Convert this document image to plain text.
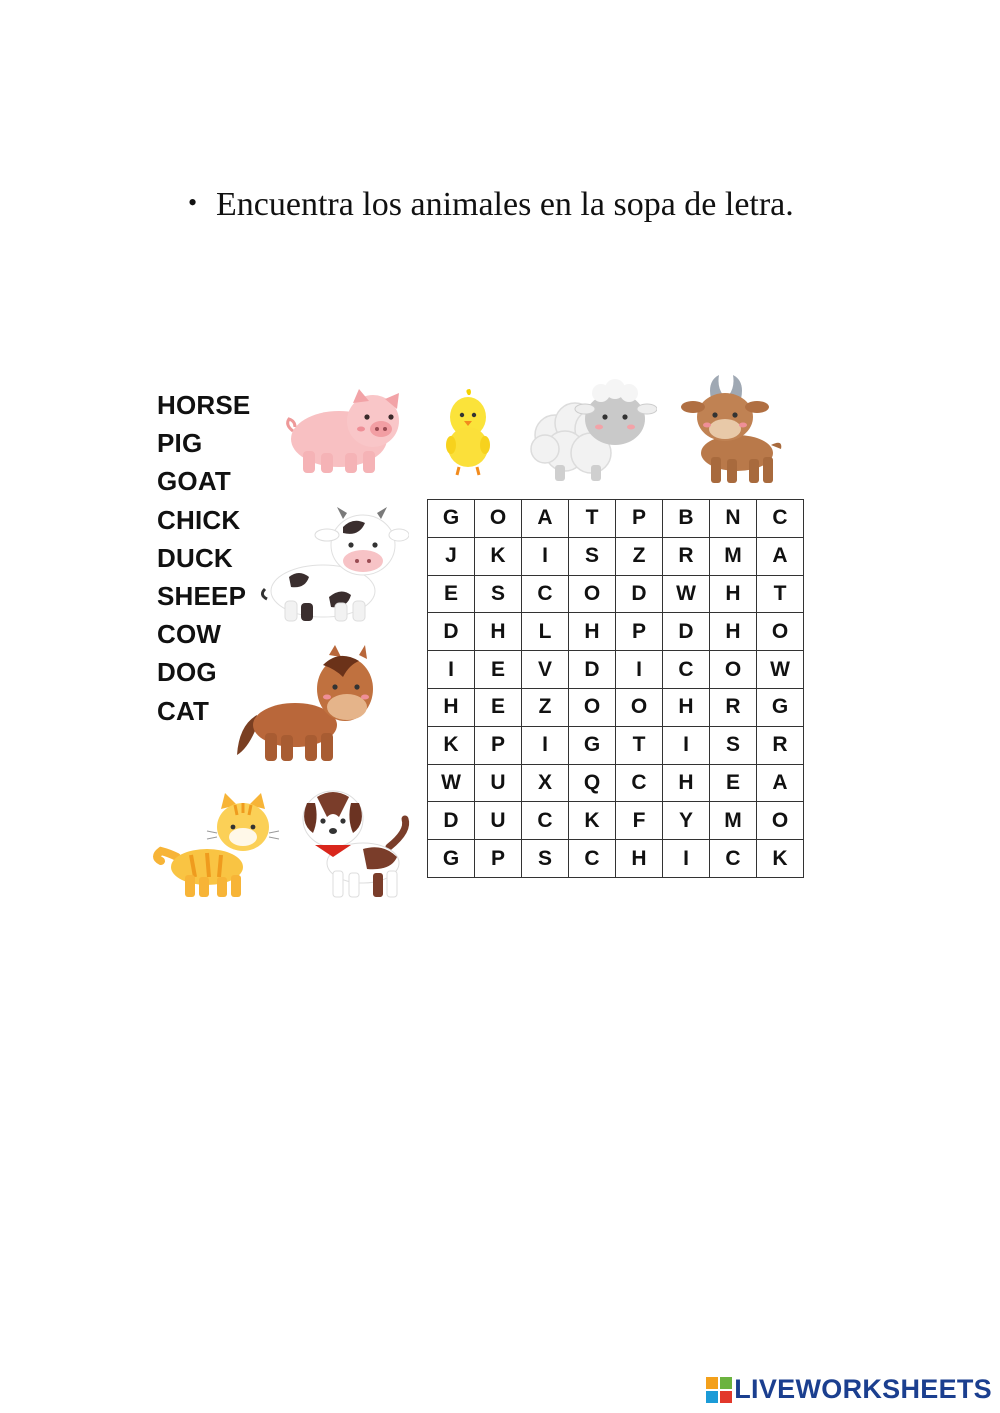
• Encuentra los animales en la sopa de letra.
HORSE
PIG
GOAT
CHICK
DUCK
SHEEP
COW
DOG
CAT
G	O	A	T	P	B	N	C
J	K	I	S	Z	R	M	A
E	S	C	O	D	W	H	T
D	H	L	H	P	D	H	O
I	E	V	D	I	C	O	W
H	E	Z	O	O	H	R	G
K	P	I	G	T	I	S	R
W	U	X	Q	C	H	E	A
D	U	C	K	F	Y	M	O
G	P	S	C	H	I	C	K
LIVEWORKSHEETS
